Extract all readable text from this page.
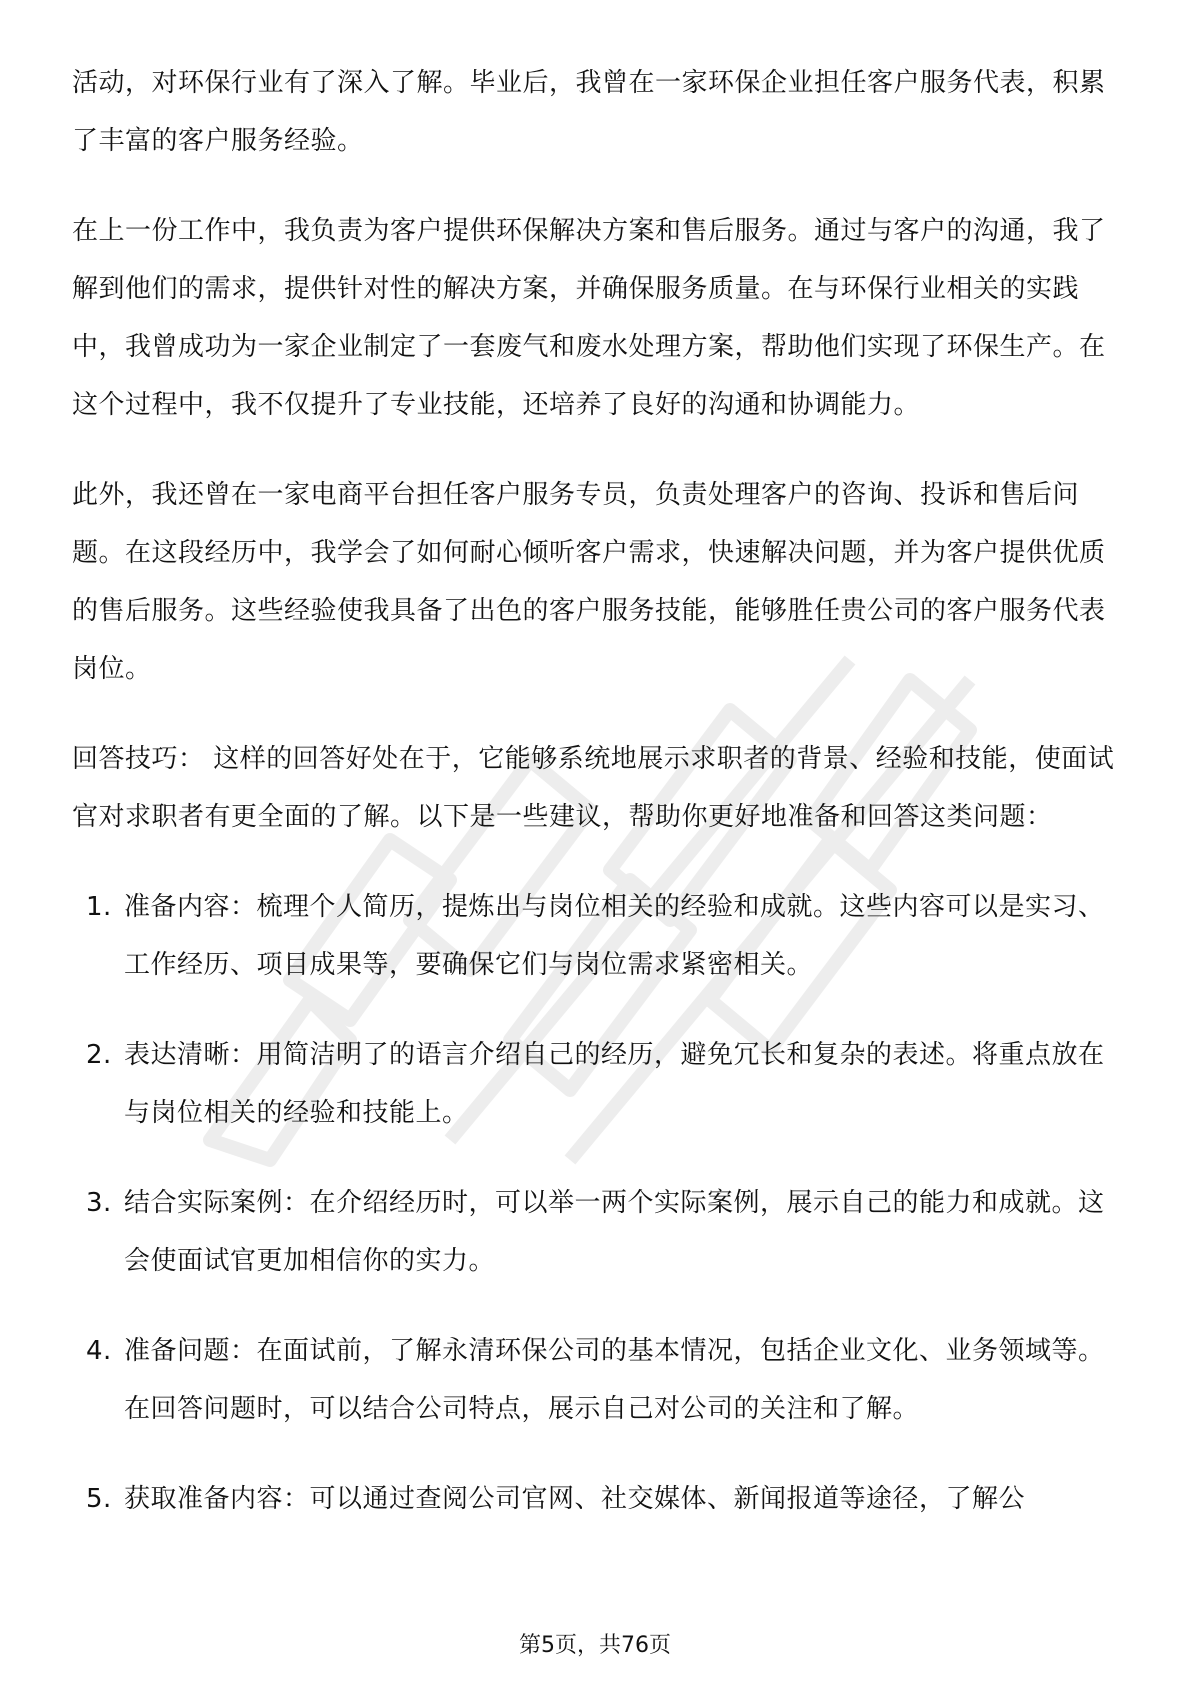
活动，对环保行业有了深入了解。毕业后，我曾在一家环保企业担任客户服务代表，积累了丰富的客户服务经验。

在上一份工作中，我负责为客户提供环保解决方案和售后服务。通过与客户的沟通，我了解到他们的需求，提供针对性的解决方案，并确保服务质量。在与环保行业相关的实践中，我曾成功为一家企业制定了一套废气和废水处理方案，帮助他们实现了环保生产。在这个过程中，我不仅提升了专业技能，还培养了良好的沟通和协调能力。

此外，我还曾在一家电商平台担任客户服务专员，负责处理客户的咨询、投诉和售后问题。在这段经历中，我学会了如何耐心倾听客户需求，快速解决问题，并为客户提供优质的售后服务。这些经验使我具备了出色的客户服务技能，能够胜任贵公司的客户服务代表岗位。

回答技巧： 这样的回答好处在于，它能够系统地展示求职者的背景、经验和技能，使面试官对求职者有更全面的了解。以下是一些建议，帮助你更好地准备和回答这类问题：

1. 准备内容：梳理个人简历，提炼出与岗位相关的经验和成就。这些内容可以是实习、工作经历、项目成果等，要确保它们与岗位需求紧密相关。
2. 表达清晰：用简洁明了的语言介绍自己的经历，避免冗长和复杂的表述。将重点放在与岗位相关的经验和技能上。
3. 结合实际案例：在介绍经历时，可以举一两个实际案例，展示自己的能力和成就。这会使面试官更加相信你的实力。
4. 准备问题：在面试前，了解永清环保公司的基本情况，包括企业文化、业务领域等。在回答问题时，可以结合公司特点，展示自己对公司的关注和了解。
5. 获取准备内容：可以通过查阅公司官网、社交媒体、新闻报道等途径，了解公
第5页，共76页
